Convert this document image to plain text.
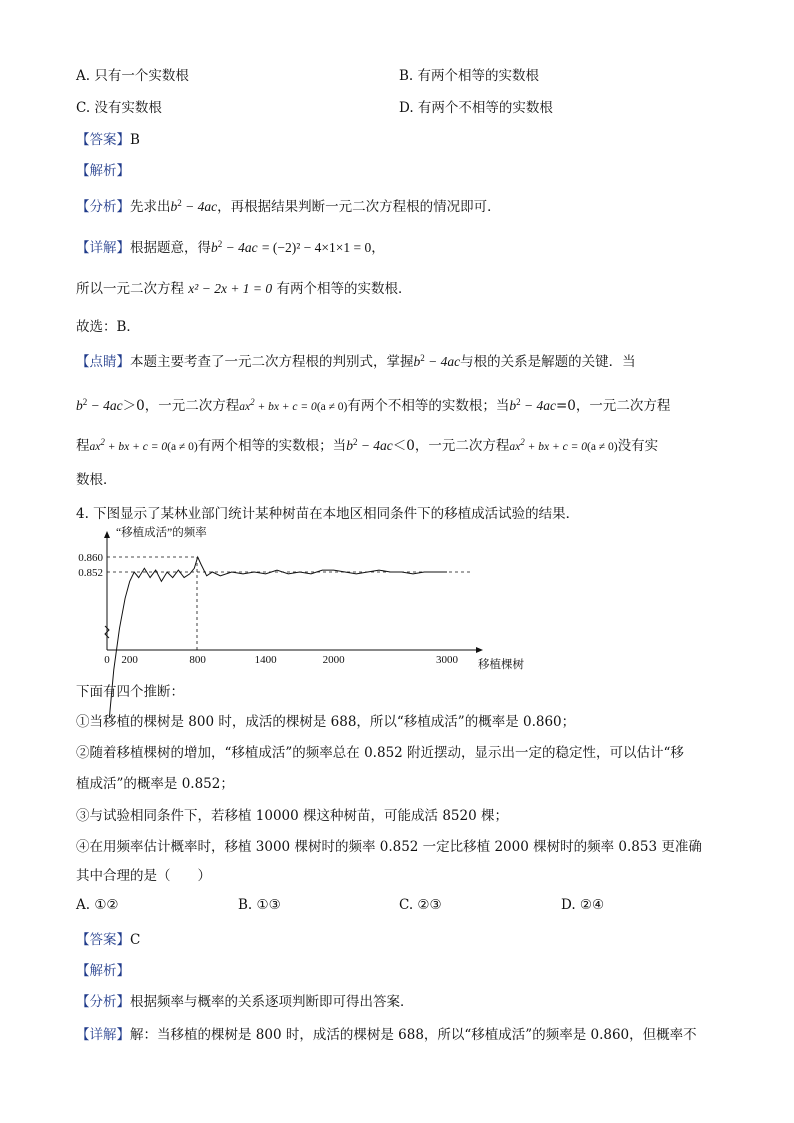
A. 只有一个实数根	B. 有两个相等的实数根
C. 没有实数根	D. 有两个不相等的实数根
【答案】B
【解析】
【分析】先求出$b^2 - 4ac$，再根据结果判断一元二次方程根的情况即可．
【详解】根据题意，得$b^2 - 4ac = (-2)^2 - 4\times 1\times 1 = 0$，
所以一元二次方程 x² − 2x + 1 = 0 有两个相等的实数根．
故选：B．
【点睛】本题主要考查了一元二次方程根的判别式，掌握$b^2 - 4ac$与根的关系是解题的关键．当
$b^2 - 4ac>0$，一元二次方程$ax^2$ + bx + c = 0(a ≠ 0)有两个不相等的实数根；当$b^2 - 4ac=0$，一元二次方程
程$ax^2$ + bx + c = 0(a ≠ 0)有两个相等的实数根；当$b^2 - 4ac<0$，一元二次方程$ax^2$ + bx + c = 0(a ≠ 0)没有实
数根．
4. 下图显示了某林业部门统计某种树苗在本地区相同条件下的移植成活试验的结果．
“移植成活”的频率
0.860
0.852
0 200	800	1400	2000	3000 移植棵树
下面有四个推断：
①当移植的棵树是 800 时，成活的棵树是 688，所以“移植成活”的概率是 0.860；
②随着移植棵树的增加，“移植成活”的频率总在 0.852 附近摆动，显示出一定的稳定性，可以估计“移
植成活”的概率是 0.852；
③与试验相同条件下，若移植 10000 棵这种树苗，可能成活 8520 棵；
④在用频率估计概率时，移植 3000 棵树时的频率 0.852 一定比移植 2000 棵树时的频率 0.853 更准确
其中合理的是（　　）
A. ①②	B. ①③	C. ②③	D. ②④
【答案】C
【解析】
【分析】根据频率与概率的关系逐项判断即可得出答案．
【详解】解：当移植的棵树是 800 时，成活的棵树是 688，所以“移植成活”的频率是 0.860，但概率不
